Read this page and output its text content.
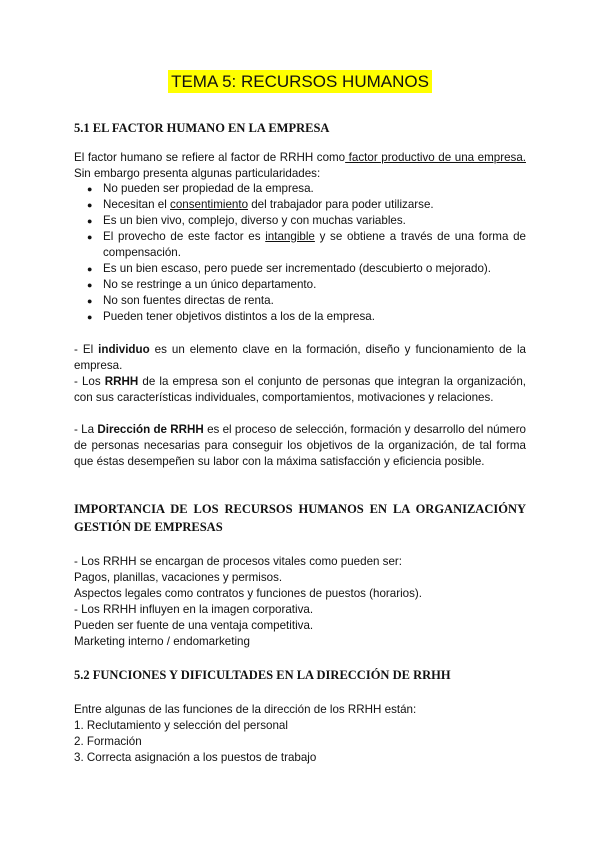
TEMA 5: RECURSOS HUMANOS
5.1 EL FACTOR HUMANO EN LA EMPRESA
El factor humano se refiere al factor de RRHH como factor productivo de una empresa. Sin embargo presenta algunas particularidades:
● No pueden ser propiedad de la empresa.
● Necesitan el consentimiento del trabajador para poder utilizarse.
● Es un bien vivo, complejo, diverso y con muchas variables.
● El provecho de este factor es intangible y se obtiene a través de una forma de compensación.
● Es un bien escaso, pero puede ser incrementado (descubierto o mejorado).
● No se restringe a un único departamento.
● No son fuentes directas de renta.
● Pueden tener objetivos distintos a los de la empresa.
- El individuo es un elemento clave en la formación, diseño y funcionamiento de la empresa.
- Los RRHH de la empresa son el conjunto de personas que integran la organización, con sus características individuales, comportamientos, motivaciones y relaciones.
- La Dirección de RRHH es el proceso de selección, formación y desarrollo del número de personas necesarias para conseguir los objetivos de la organización, de tal forma que éstas desempeñen su labor con la máxima satisfacción y eficiencia posible.
IMPORTANCIA DE LOS RECURSOS HUMANOS EN LA ORGANIZACIÓNY GESTIÓN DE EMPRESAS
- Los RRHH se encargan de procesos vitales como pueden ser:
Pagos, planillas, vacaciones y permisos.
Aspectos legales como contratos y funciones de puestos (horarios).
- Los RRHH influyen en la imagen corporativa.
Pueden ser fuente de una ventaja competitiva.
Marketing interno / endomarketing
5.2 FUNCIONES Y DIFICULTADES EN LA DIRECCIÓN DE RRHH
Entre algunas de las funciones de la dirección de los RRHH están:
1. Reclutamiento y selección del personal
2. Formación
3. Correcta asignación a los puestos de trabajo
